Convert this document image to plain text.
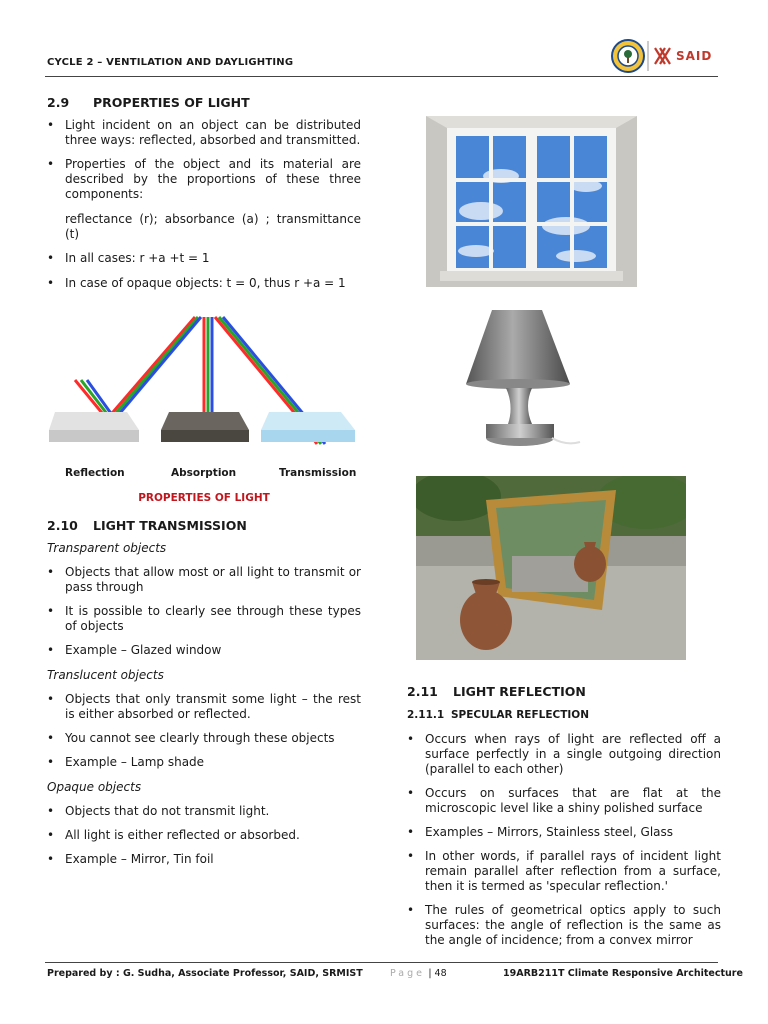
CYCLE 2 – VENTILATION AND DAYLIGHTING	SAID
2.9 PROPERTIES OF LIGHT

• Light incident on an object can be distributed three ways: reflected, absorbed and transmitted.

• Properties of the object and its material are described by the proportions of these three components:

reflectance (r); absorbance (a) ; transmittance (t)

• In all cases: r +a +t = 1

• In case of opaque objects: t = 0, thus r +a = 1

Reflection	Absorption	Transmission
PROPERTIES OF LIGHT
2.10 LIGHT TRANSMISSION

Transparent objects

• Objects that allow most or all light to transmit or pass through

• It is possible to clearly see through these types of objects

• Example – Glazed window

Translucent objects

• Objects that only transmit some light – the rest is either absorbed or reflected.

• You cannot see clearly through these objects

• Example – Lamp shade

Opaque objects

• Objects that do not transmit light.

• All light is either reflected or absorbed.

• Example – Mirror, Tin foil

2.11 LIGHT REFLECTION
2.11.1 SPECULAR REFLECTION

• Occurs when rays of light are reflected off a surface perfectly in a single outgoing direction (parallel to each other)

• Occurs on surfaces that are flat at the microscopic level like a shiny polished surface

• Examples – Mirrors, Stainless steel, Glass

• In other words, if parallel rays of incident light remain parallel after reflection from a surface, then it is termed as 'specular reflection.'

• The rules of geometrical optics apply to such surfaces: the angle of reflection is the same as the angle of incidence; from a convex mirror

Prepared by : G. Sudha, Associate Professor, SAID, SRMIST	Page | 48	19ARB211T Climate Responsive Architecture
